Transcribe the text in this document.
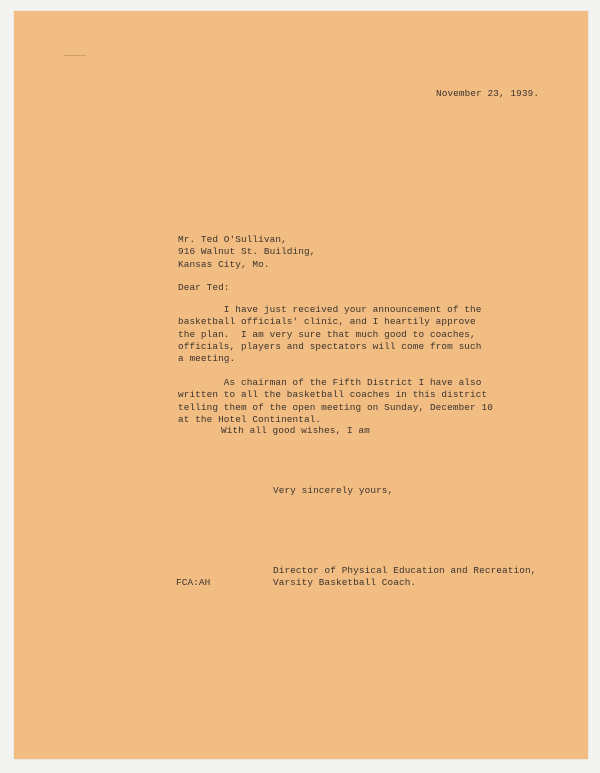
November 23, 1939.

Mr. Ted O'Sullivan,
916 Walnut St. Building,
Kansas City, Mo.

Dear Ted:

I have just received your announcement of the
basketball officials' clinic, and I heartily approve
the plan.  I am very sure that much good to coaches,
officials, players and spectators will come from such
a meeting.

As chairman of the Fifth District I have also
written to all the basketball coaches in this district
telling them of the open meeting on Sunday, December 10
at the Hotel Continental.

With all good wishes, I am

Very sincerely yours,

Director of Physical Education and Recreation,
Varsity Basketball Coach.

FCA:AH
